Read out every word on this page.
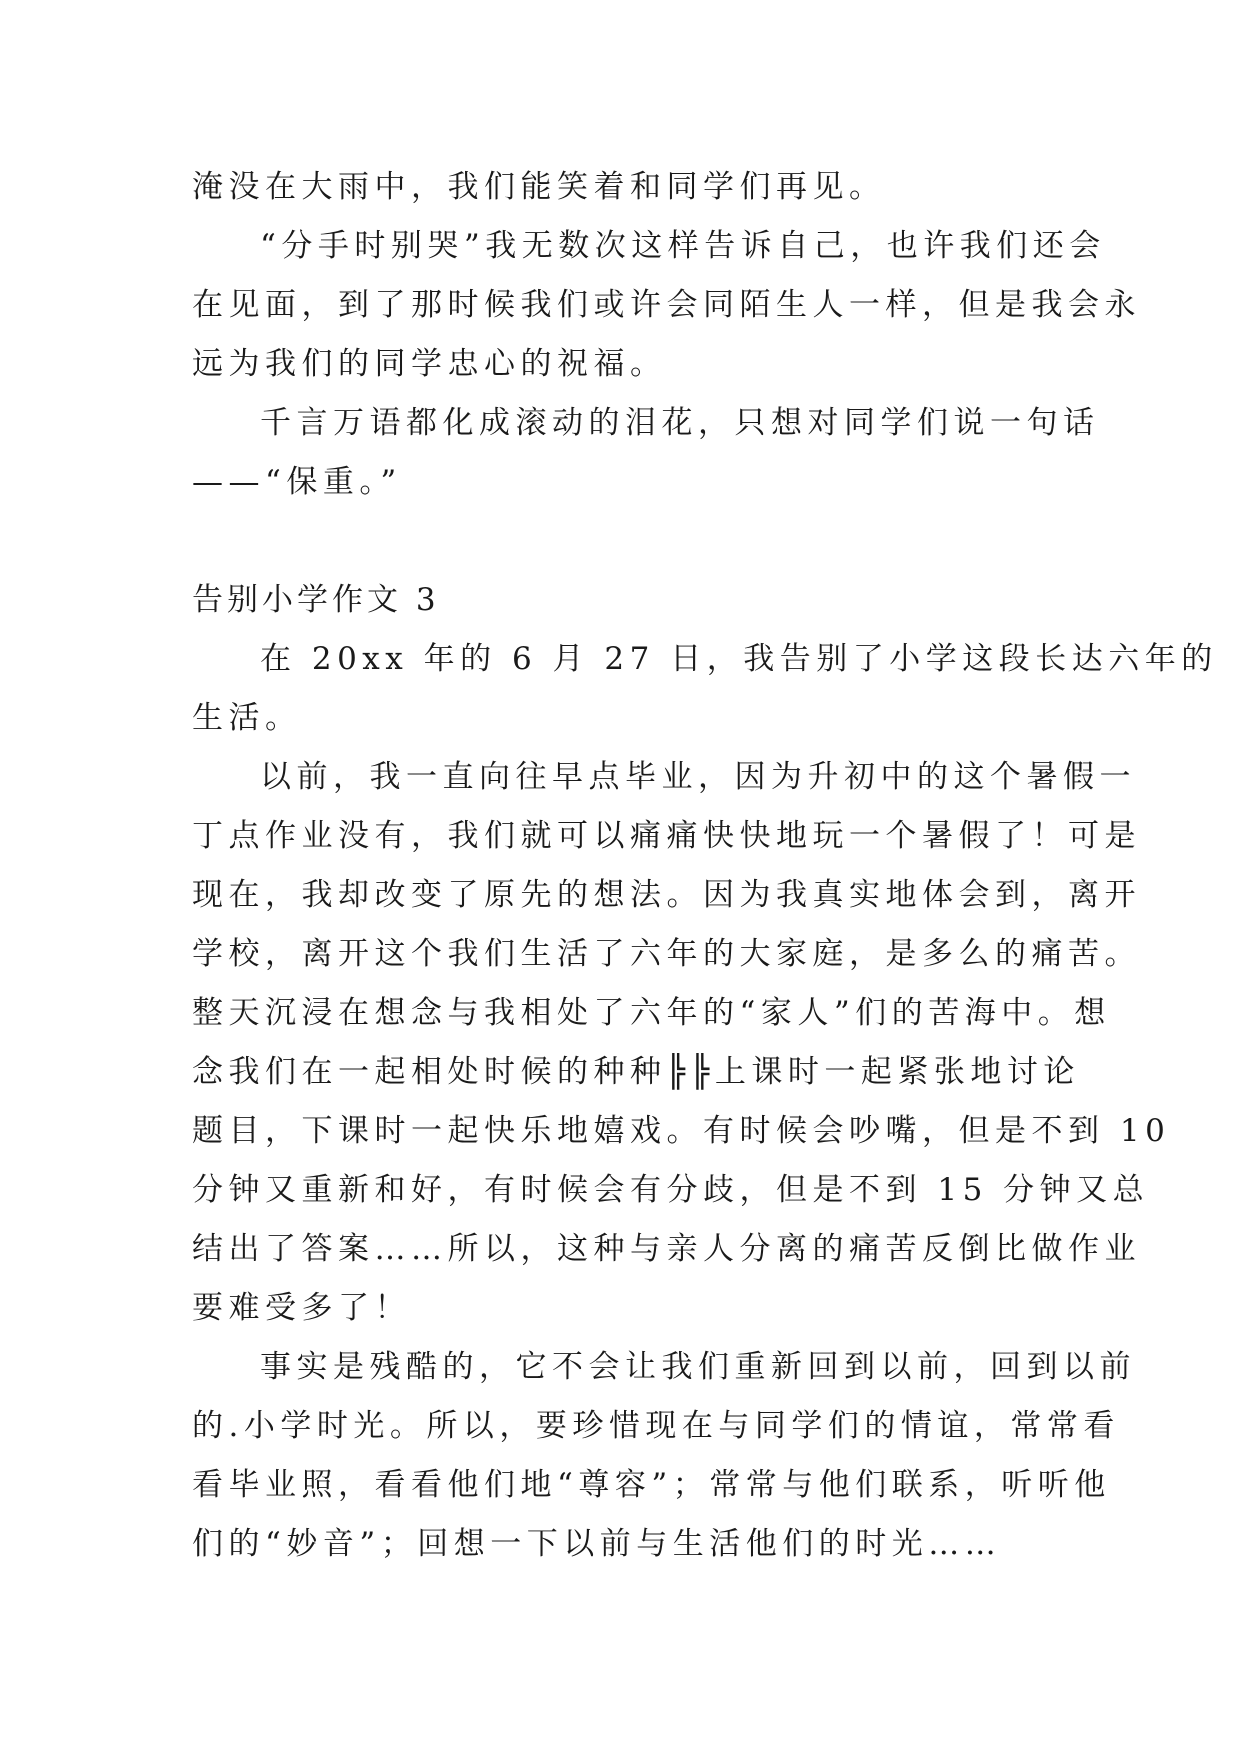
淹没在大雨中，我们能笑着和同学们再见。
“分手时别哭”我无数次这样告诉自己，也许我们还会
在见面，到了那时候我们或许会同陌生人一样，但是我会永
远为我们的同学忠心的祝福。
千言万语都化成滚动的泪花，只想对同学们说一句话
——“保重。”
告别小学作文 3
在 20xx 年的 6 月 27 日，我告别了小学这段长达六年的
生活。
以前，我一直向往早点毕业，因为升初中的这个暑假一
丁点作业没有，我们就可以痛痛快快地玩一个暑假了！可是
现在，我却改变了原先的想法。因为我真实地体会到，离开
学校，离开这个我们生活了六年的大家庭，是多么的痛苦。
整天沉浸在想念与我相处了六年的“家人”们的苦海中。想
念我们在一起相处时候的种种╠╠上课时一起紧张地讨论
题目，下课时一起快乐地嬉戏。有时候会吵嘴，但是不到 10
分钟又重新和好，有时候会有分歧，但是不到 15 分钟又总
结出了答案……所以，这种与亲人分离的痛苦反倒比做作业
要难受多了！
事实是残酷的，它不会让我们重新回到以前，回到以前
的.小学时光。所以，要珍惜现在与同学们的情谊，常常看
看毕业照，看看他们地“尊容”；常常与他们联系，听听他
们的“妙音”；回想一下以前与生活他们的时光……
